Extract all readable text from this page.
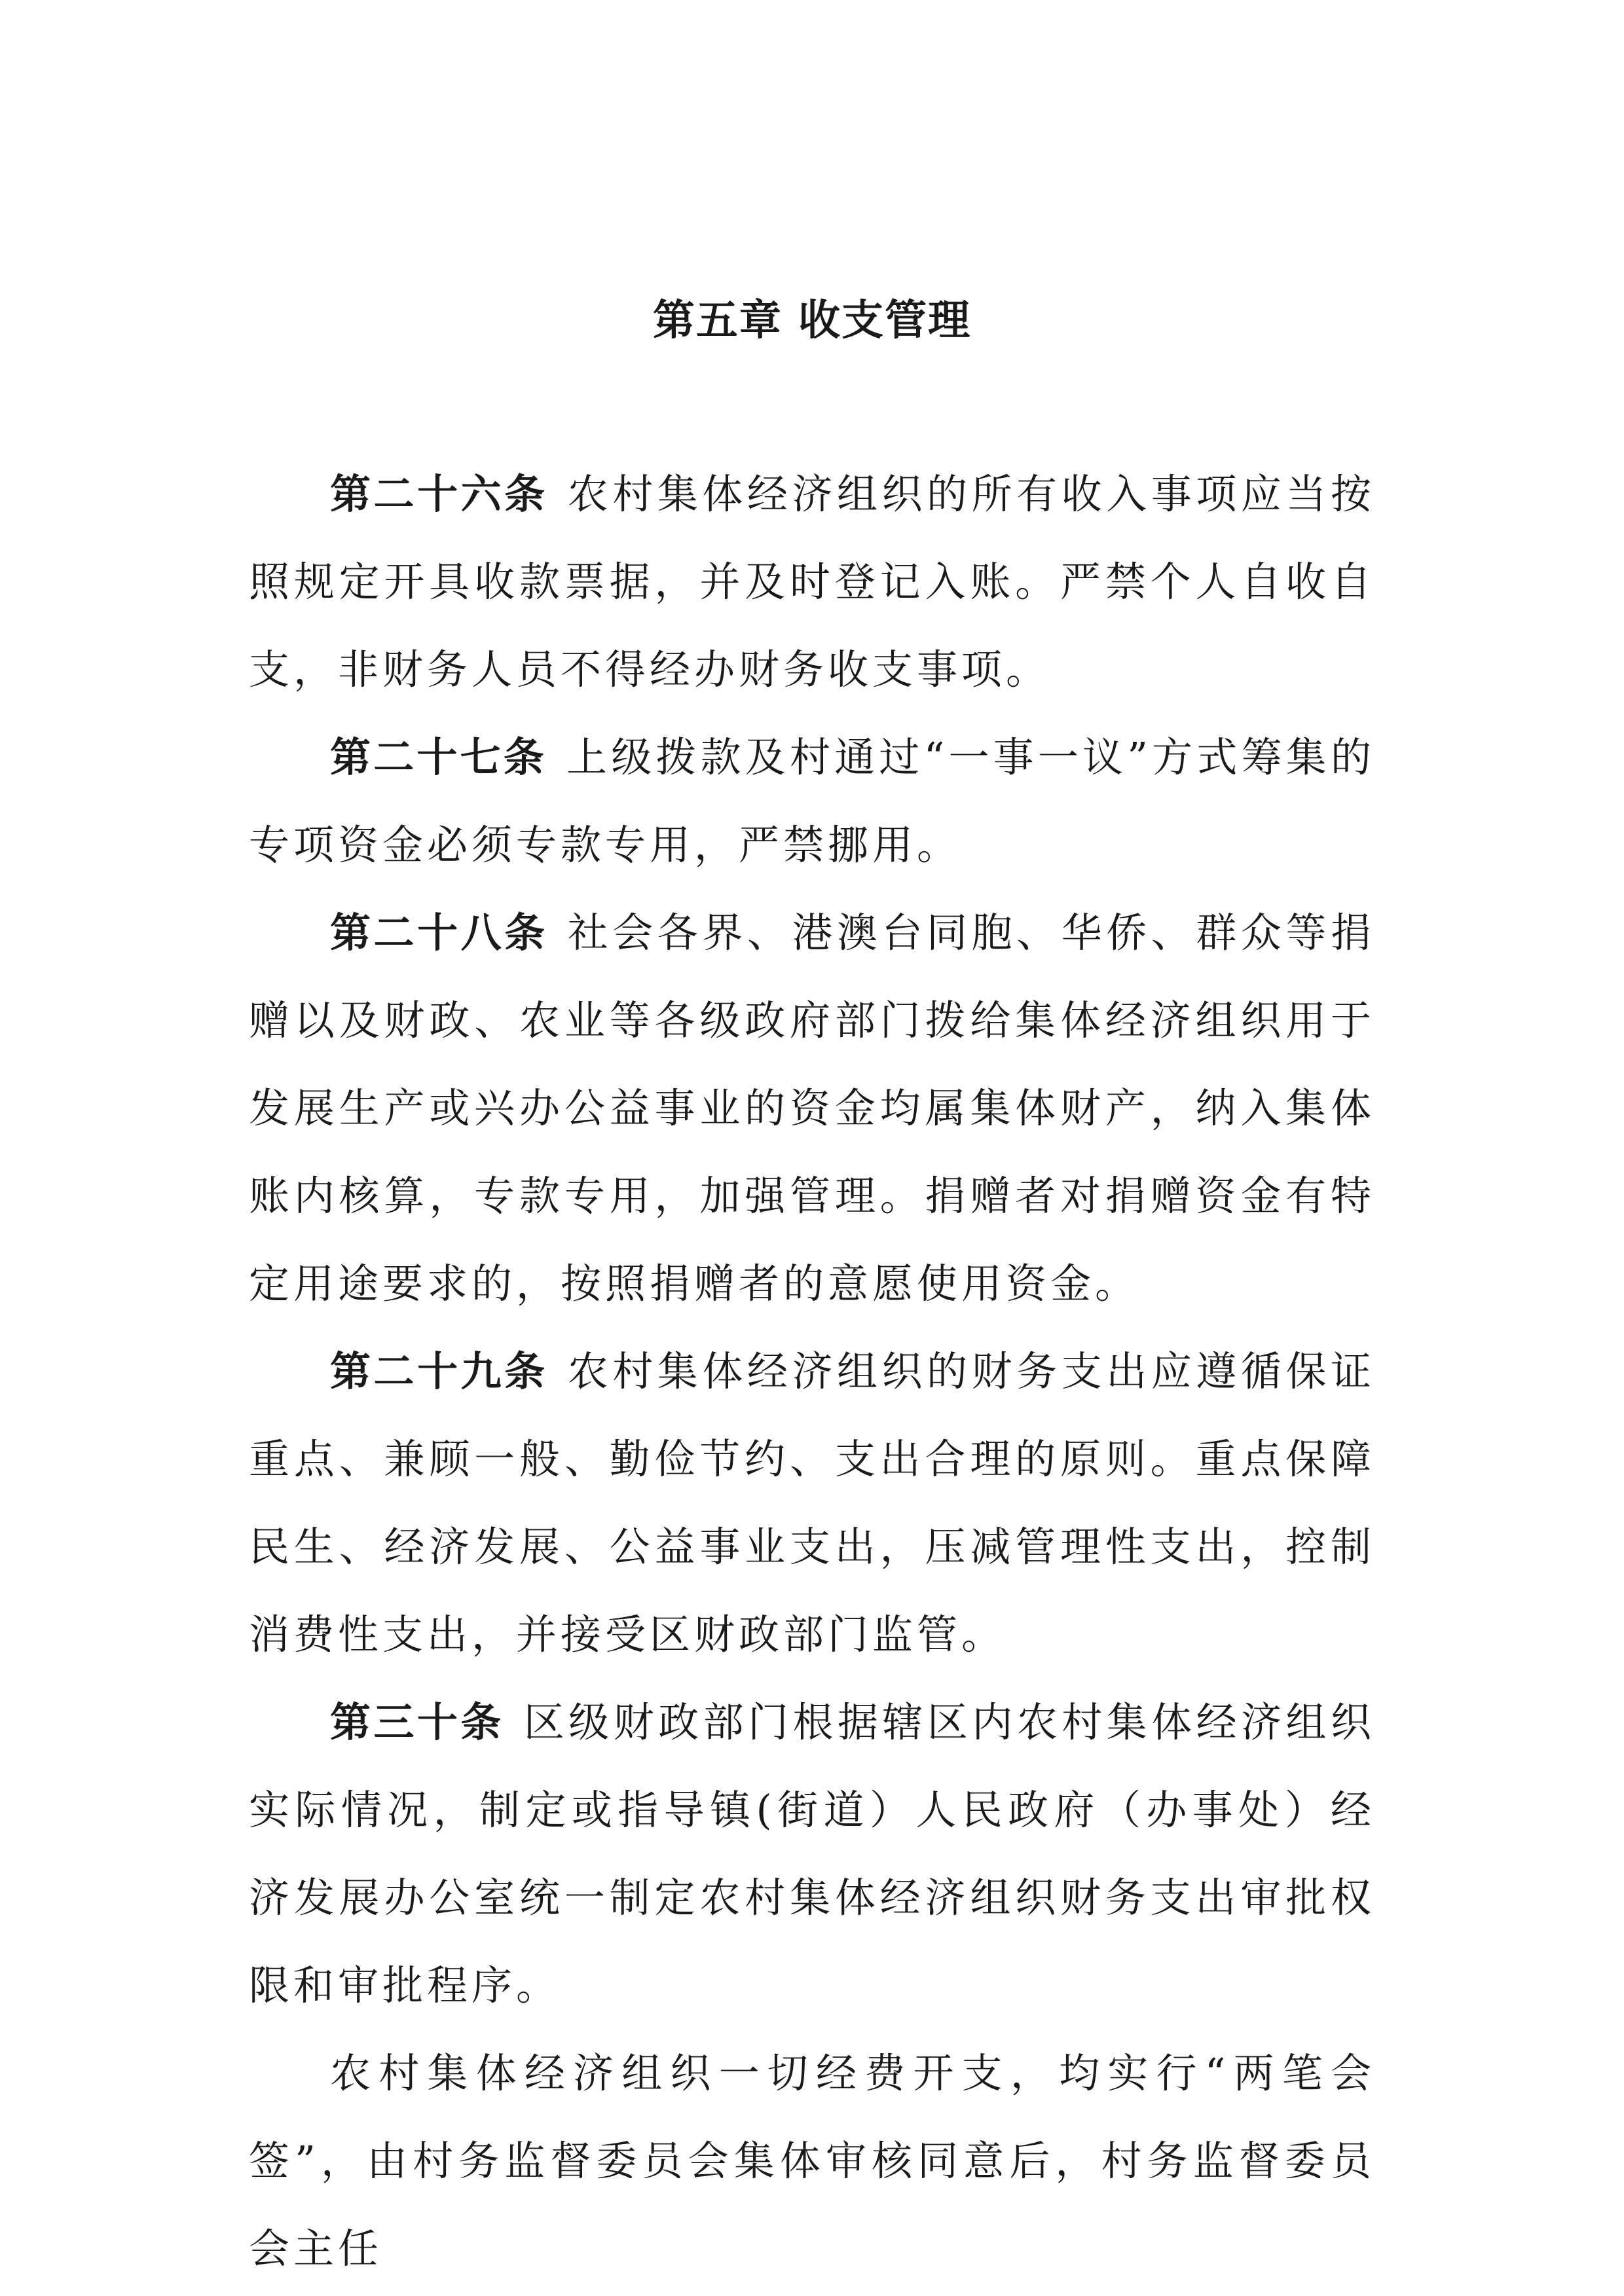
第五章 收支管理

第二十六条 农村集体经济组织的所有收入事项应当按照规定开具收款票据，并及时登记入账。严禁个人自收自支，非财务人员不得经办财务收支事项。

第二十七条 上级拨款及村通过“一事一议”方式筹集的专项资金必须专款专用，严禁挪用。

第二十八条 社会各界、港澳台同胞、华侨、群众等捐赠以及财政、农业等各级政府部门拨给集体经济组织用于发展生产或兴办公益事业的资金均属集体财产，纳入集体账内核算，专款专用，加强管理。捐赠者对捐赠资金有特定用途要求的，按照捐赠者的意愿使用资金。

第二十九条 农村集体经济组织的财务支出应遵循保证重点、兼顾一般、勤俭节约、支出合理的原则。重点保障民生、经济发展、公益事业支出，压减管理性支出，控制消费性支出，并接受区财政部门监管。

第三十条 区级财政部门根据辖区内农村集体经济组织实际情况，制定或指导镇(街道）人民政府（办事处）经济发展办公室统一制定农村集体经济组织财务支出审批权限和审批程序。

农村集体经济组织一切经费开支，均实行“两笔会签”，由村务监督委员会集体审核同意后，村务监督委员会主任
